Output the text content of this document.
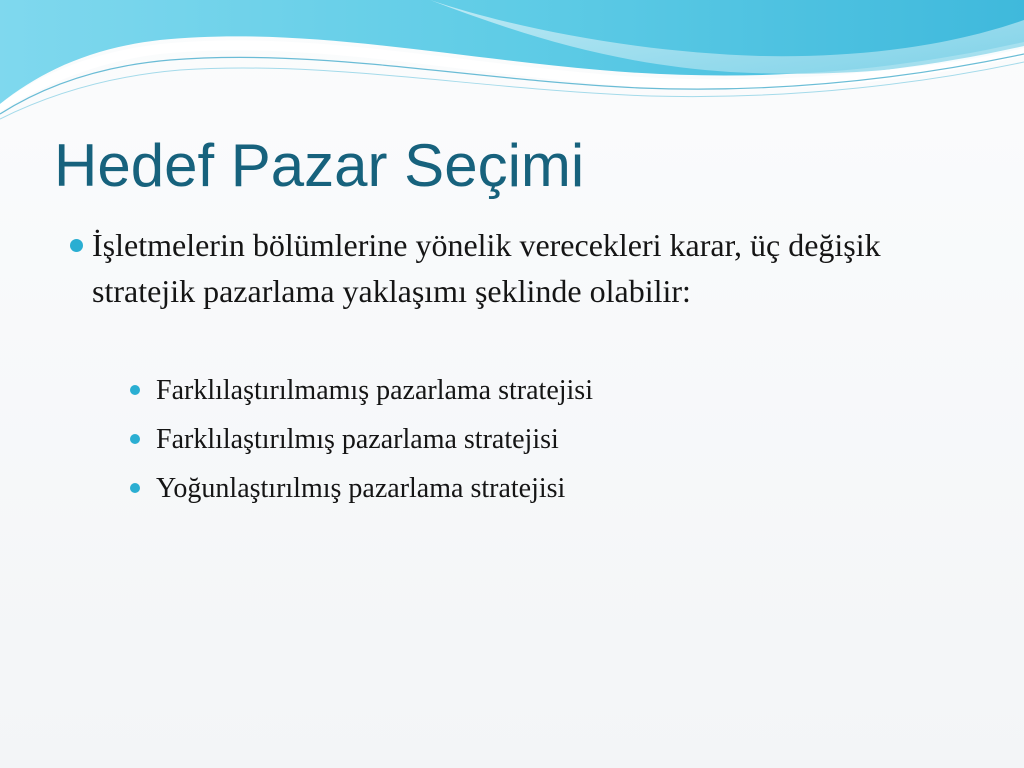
Hedef Pazar Seçimi
İşletmelerin bölümlerine yönelik verecekleri karar, üç değişik stratejik pazarlama yaklaşımı şeklinde olabilir:
Farklılaştırılmamış pazarlama stratejisi
Farklılaştırılmış pazarlama stratejisi
Yoğunlaştırılmış pazarlama stratejisi
